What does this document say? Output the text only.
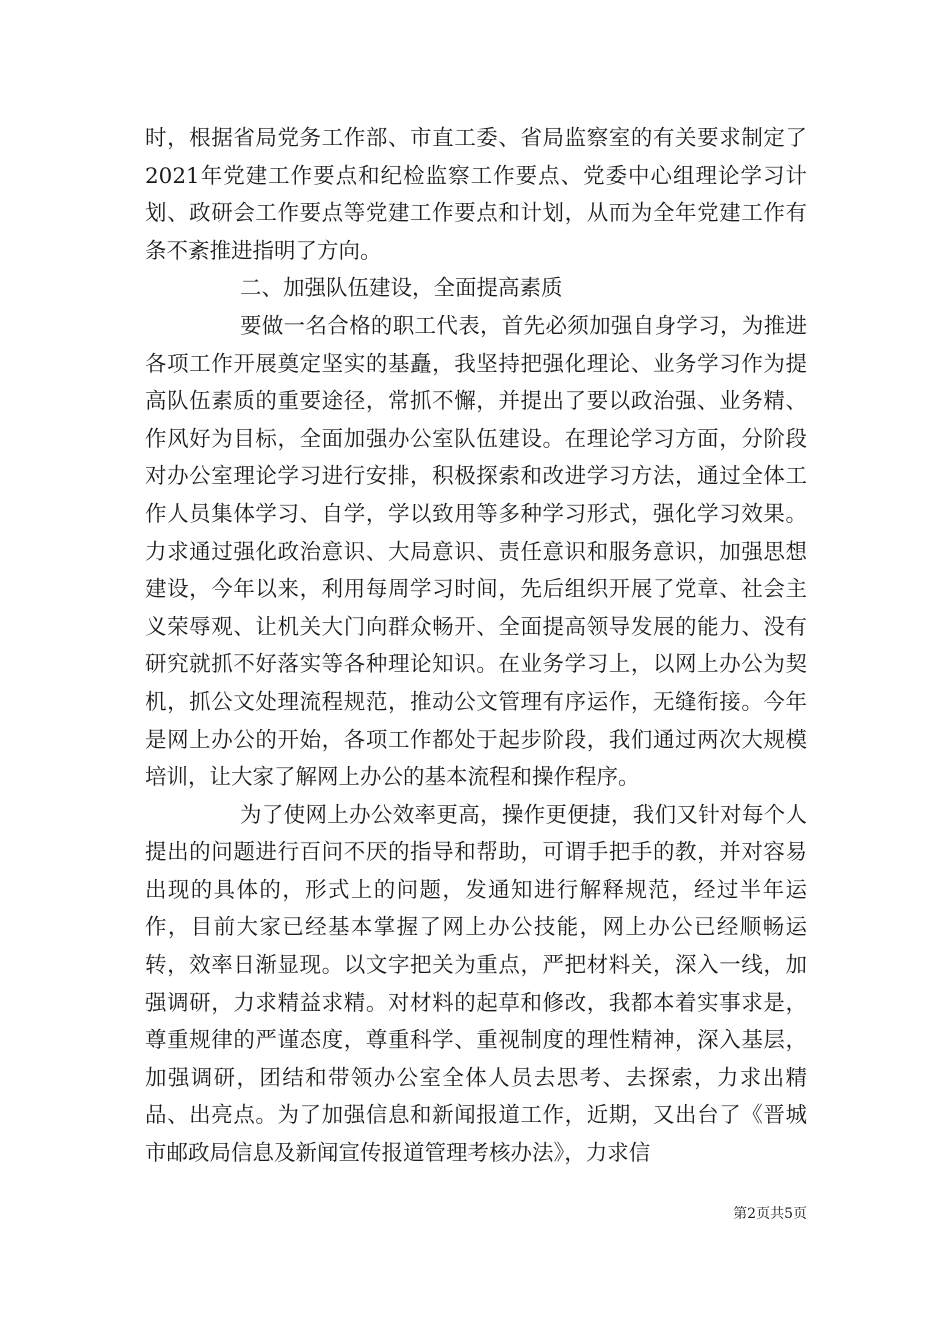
时，根据省局党务工作部、市直工委、省局监察室的有关要求制定了2021年党建工作要点和纪检监察工作要点、党委中心组理论学习计划、政研会工作要点等党建工作要点和计划，从而为全年党建工作有条不紊推进指明了方向。

二、加强队伍建设，全面提高素质

要做一名合格的职工代表，首先必须加强自身学习，为推进各项工作开展奠定坚实的基矗，我坚持把强化理论、业务学习作为提高队伍素质的重要途径，常抓不懈，并提出了要以政治强、业务精、作风好为目标，全面加强办公室队伍建设。在理论学习方面，分阶段对办公室理论学习进行安排，积极探索和改进学习方法，通过全体工作人员集体学习、自学，学以致用等多种学习形式，强化学习效果。力求通过强化政治意识、大局意识、责任意识和服务意识，加强思想建设，今年以来，利用每周学习时间，先后组织开展了党章、社会主义荣辱观、让机关大门向群众畅开、全面提高领导发展的能力、没有研究就抓不好落实等各种理论知识。在业务学习上，以网上办公为契机，抓公文处理流程规范，推动公文管理有序运作，无缝衔接。今年是网上办公的开始，各项工作都处于起步阶段，我们通过两次大规模培训，让大家了解网上办公的基本流程和操作程序。

为了使网上办公效率更高，操作更便捷，我们又针对每个人提出的问题进行百问不厌的指导和帮助，可谓手把手的教，并对容易出现的具体的，形式上的问题，发通知进行解释规范，经过半年运作，目前大家已经基本掌握了网上办公技能，网上办公已经顺畅运转，效率日渐显现。以文字把关为重点，严把材料关，深入一线，加强调研，力求精益求精。对材料的起草和修改，我都本着实事求是，尊重规律的严谨态度，尊重科学、重视制度的理性精神，深入基层，加强调研，团结和带领办公室全体人员去思考、去探索，力求出精品、出亮点。为了加强信息和新闻报道工作，近期，又出台了《晋城市邮政局信息及新闻宣传报道管理考核办法》，力求信

第2页共5页
